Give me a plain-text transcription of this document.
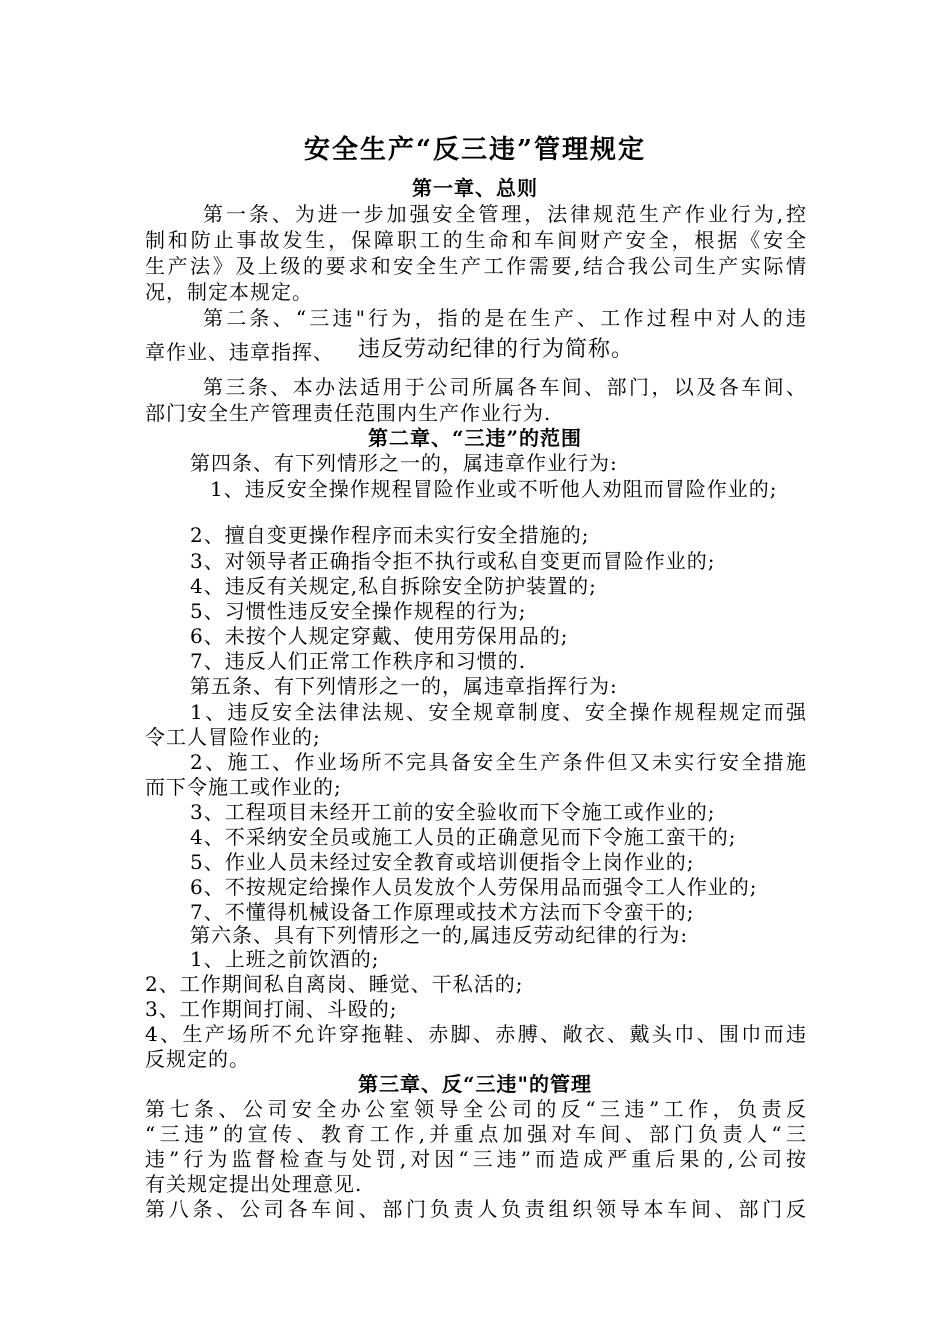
安全生产“反三违”管理规定
第一章、总则
第一条、为进一步加强安全管理，法律规范生产作业行为,控
制和防止事故发生，保障职工的生命和车间财产安全，根据《安全
生产法》及上级的要求和安全生产工作需要,结合我公司生产实际情
况，制定本规定。
第二条、“三违"行为，指的是在生产、工作过程中对人的违
章作业、违章指挥、 违反劳动纪律的行为简称。
第三条、本办法适用于公司所属各车间、部门，以及各车间、
部门安全生产管理责任范围内生产作业行为.
第二章、“三违”的范围
第四条、有下列情形之一的，属违章作业行为:
1、违反安全操作规程冒险作业或不听他人劝阻而冒险作业的;
2、擅自变更操作程序而未实行安全措施的;
3、对领导者正确指令拒不执行或私自变更而冒险作业的;
4、违反有关规定,私自拆除安全防护装置的;
5、习惯性违反安全操作规程的行为;
6、未按个人规定穿戴、使用劳保用品的;
7、违反人们正常工作秩序和习惯的.
第五条、有下列情形之一的，属违章指挥行为:
1、违反安全法律法规、安全规章制度、安全操作规程规定而强
令工人冒险作业的;
2、施工、作业场所不完具备安全生产条件但又未实行安全措施
而下令施工或作业的;
3、工程项目未经开工前的安全验收而下令施工或作业的;
4、不采纳安全员或施工人员的正确意见而下令施工蛮干的;
5、作业人员未经过安全教育或培训便指令上岗作业的;
6、不按规定给操作人员发放个人劳保用品而强令工人作业的;
7、不懂得机械设备工作原理或技术方法而下令蛮干的;
第六条、具有下列情形之一的,属违反劳动纪律的行为:
1、上班之前饮酒的;
2、工作期间私自离岗、睡觉、干私活的;
3、工作期间打闹、斗殴的;
4、生产场所不允许穿拖鞋、赤脚、赤膊、敞衣、戴头巾、围巾而违
反规定的。
第三章、反“三违"的管理
第七条、公司安全办公室领导全公司的反“三违”工作，负责反
“三违”的宣传、教育工作,并重点加强对车间、部门负责人“三
违”行为监督检查与处罚,对因“三违”而造成严重后果的,公司按
有关规定提出处理意见.
第八条、公司各车间、部门负责人负责组织领导本车间、部门反
